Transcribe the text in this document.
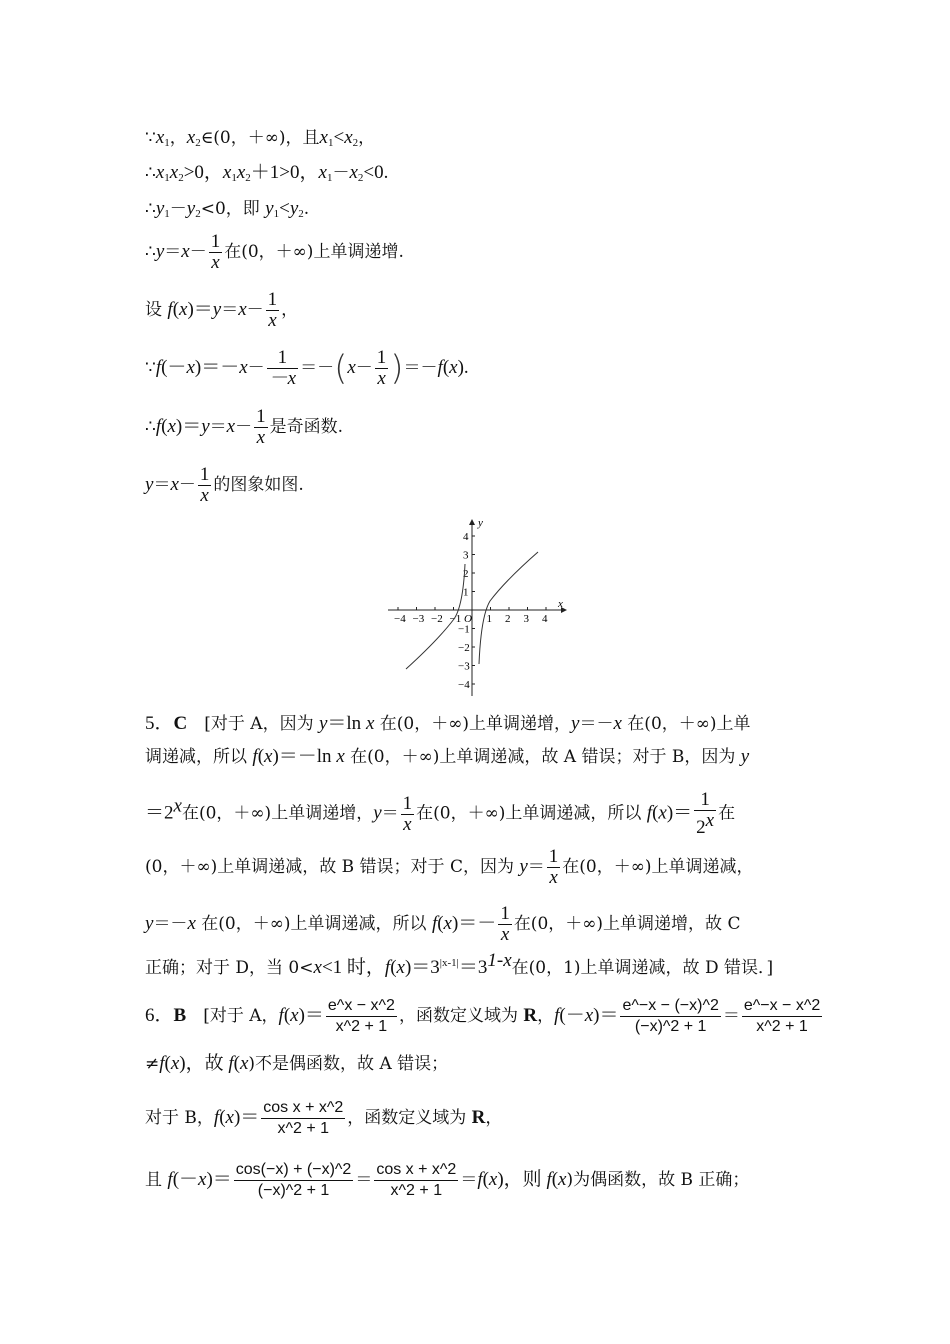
$\because x_1$，$x_2\in(0$，＋∞)，且$x_1<x_2$，
$\therefore x_1x_2>0$，$x_1x_2+1>0$，$x_1-x_2<0$.
$\therefore y_1-y_2<0$，即 $y_1<y_2$.
∴y＝x－ $\frac{1}{x}$ 在(0，＋∞)上单调递增.
设 $f(x)=y=x- \frac{1}{x}$ ，
∵f(－x)＝－x－ $\frac{1}{-x} =-(x- \frac{1}{x} )=-f(x)$.
∴f(x)＝y＝x－ $\frac{1}{x}$ 是奇函数.
$y=x- \frac{1}{x}$ 的图象如图.
x
y
O
−4 −3 −2 −1 1 2 3 4
4
3
2
1
−1
−2
−3
−4
5．C　[对于 A，因为 y＝ln x 在(0，＋∞)上单调递增，y＝－x 在(0，＋∞)上单
调递减，所以 f(x)＝－ln x 在(0，＋∞)上单调递减，故 A 错误；对于 B，因为 y
$=2^x$在(0，＋∞)上单调递增，$y= \frac{1}{x}$ 在(0，＋∞)上单调递减，所以 $f(x)= \frac{1}{2^x}$ 在
(0，＋∞)上单调递减，故 B 错误；对于 C，因为 $y= \frac{1}{x}$ 在(0，＋∞)上单调递减，
y＝－x 在(0，＋∞)上单调递减，所以 $f(x)=- \frac{1}{x}$ 在(0，＋∞)上单调递增，故 C
正确；对于 D，当 0<x<1 时，$f(x)=3^{|x-1|}=3^{1-x}$在(0，1)上单调递减，故 D 错误．]
6．B　[对于 A，$f(x)= \frac{e\^{}x - x\^{}2}{x\^{}2 + 1}$ ，函数定义域为 R，$f(-x)= \frac{e\^{}-x - (-x)\^{}2}{(-x)\^{}2 + 1} = \frac{e\^{}-x - x\^{}2}{x\^{}2 + 1}$
≠f(x)，故 f(x)不是偶函数，故 A 错误；
对于 B，$f(x)= \frac{\text{cos x + x\textasciicircum{}2}}{x\^{}2 + 1}$ ，函数定义域为 R，
且 $f(-x)= \frac{\cos(-x) + (-x)\^{}2}{(-x)\^{}2 + 1} = \frac{\text{cos x + x\textasciicircum{}2}}{x\^{}2 + 1} =f(x)$，则 f(x)为偶函数，故 B 正确；
